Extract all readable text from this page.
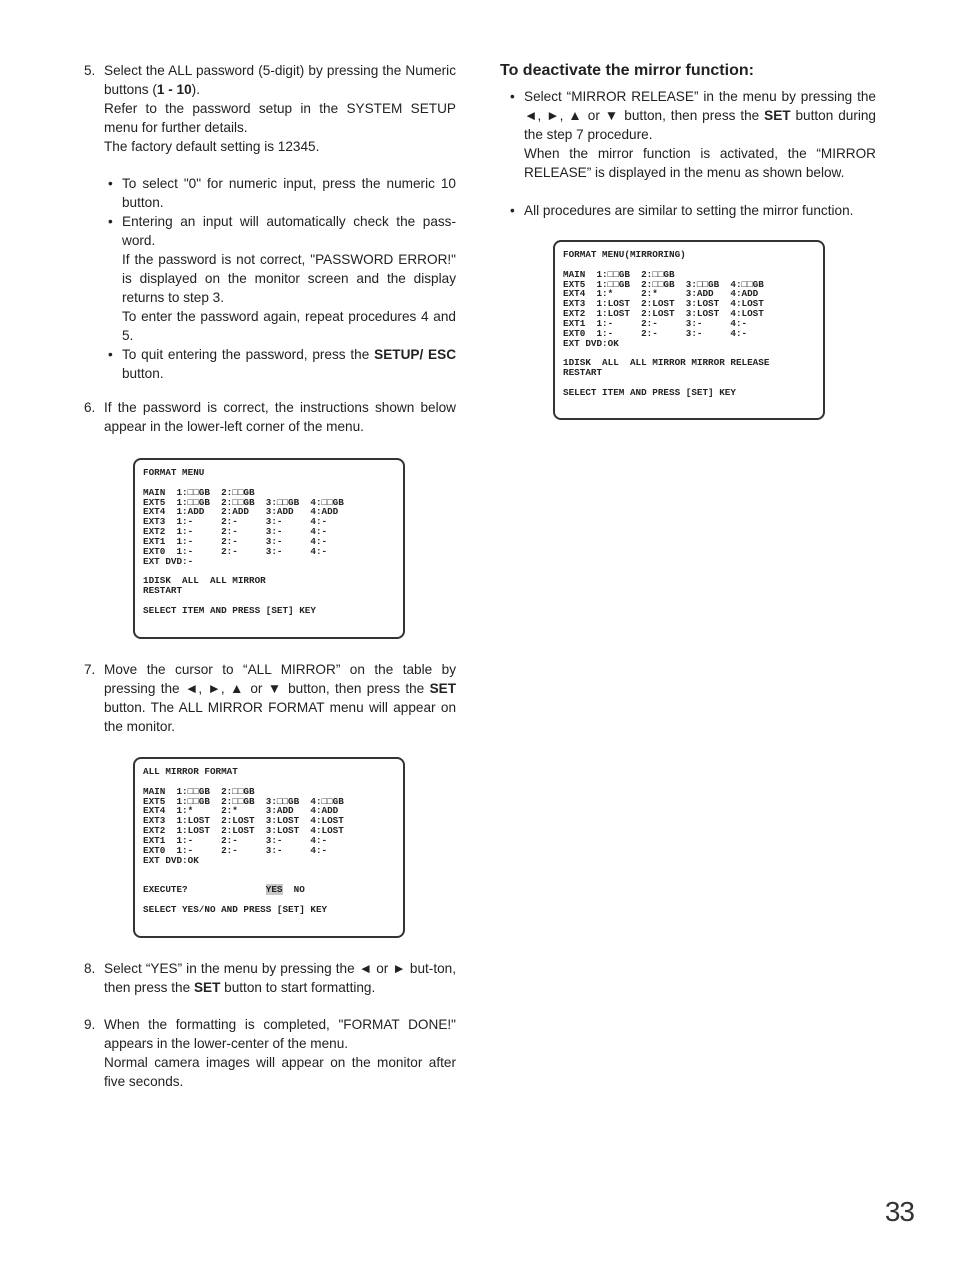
5. Select the ALL password (5-digit) by pressing the Numeric buttons (1 - 10).

Refer to the password setup in the SYSTEM SETUP menu for further details.

The factory default setting is 12345.

• To select "0" for numeric input, press the numeric 10 button.

• Entering an input will automatically check the pass-word.

If the password is not correct, "PASSWORD ERROR!" is displayed on the monitor screen and the display returns to step 3.

To enter the password again, repeat procedures 4 and 5.

• To quit entering the password, press the SETUP/ ESC button.

6. If the password is correct, the instructions shown below appear in the lower-left corner of the menu.

FORMAT MENU
MAIN  1:□□GB  2:□□GB
EXT5  1:□□GB  2:□□GB  3:□□GB  4:□□GB
EXT4  1:ADD   2:ADD   3:ADD   4:ADD
EXT3  1:-     2:-     3:-     4:-
EXT2  1:-     2:-     3:-     4:-
EXT1  1:-     2:-     3:-     4:-
EXT0  1:-     2:-     3:-     4:-
EXT DVD:-
1DISK  ALL  ALL MIRROR
RESTART
SELECT ITEM AND PRESS [SET] KEY
7. Move the cursor to “ALL MIRROR” on the table by pressing the ◄, ►, ▲ or ▼ button, then press the SET button. The ALL MIRROR FORMAT menu will appear on the monitor.

ALL MIRROR FORMAT
MAIN  1:□□GB  2:□□GB
EXT5  1:□□GB  2:□□GB  3:□□GB  4:□□GB
EXT4  1:*     2:*     3:ADD   4:ADD
EXT3  1:LOST  2:LOST  3:LOST  4:LOST
EXT2  1:LOST  2:LOST  3:LOST  4:LOST
EXT1  1:-     2:-     3:-     4:-
EXT0  1:-     2:-     3:-     4:-
EXT DVD:OK
EXECUTE?              YES  NO
SELECT YES/NO AND PRESS [SET] KEY
8. Select “YES” in the menu by pressing the ◄ or ► but-ton, then press the SET button to start formatting.

9. When the formatting is completed, "FORMAT DONE!" appears in the lower-center of the menu.

Normal camera images will appear on the monitor after five seconds.

To deactivate the mirror function:
• Select “MIRROR RELEASE” in the menu by pressing the ◄, ►, ▲ or ▼ button, then press the SET button during the step 7 procedure.

When the mirror function is activated, the “MIRROR RELEASE” is displayed in the menu as shown below.

• All procedures are similar to setting the mirror function.

FORMAT MENU(MIRRORING)
MAIN  1:□□GB  2:□□GB
EXT5  1:□□GB  2:□□GB  3:□□GB  4:□□GB
EXT4  1:*     2:*     3:ADD   4:ADD
EXT3  1:LOST  2:LOST  3:LOST  4:LOST
EXT2  1:LOST  2:LOST  3:LOST  4:LOST
EXT1  1:-     2:-     3:-     4:-
EXT0  1:-     2:-     3:-     4:-
EXT DVD:OK
1DISK  ALL  ALL MIRROR MIRROR RELEASE
RESTART
SELECT ITEM AND PRESS [SET] KEY
33
